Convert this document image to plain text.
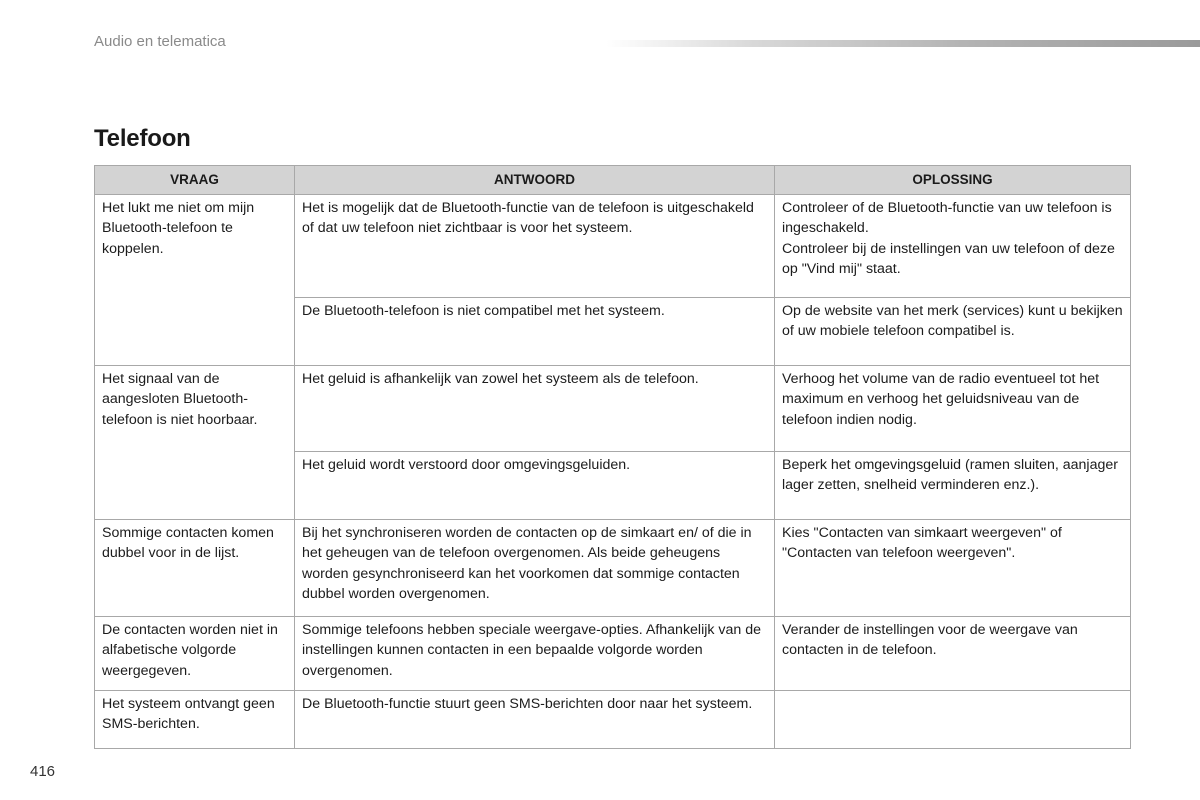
Audio en telematica
Telefoon
VRAAG	ANTWOORD	OPLOSSING
Het lukt me niet om mijn Bluetooth-telefoon te koppelen.	Het is mogelijk dat de Bluetooth-functie van de telefoon is uitgeschakeld of dat uw telefoon niet zichtbaar is voor het systeem.	Controleer of de Bluetooth-functie van uw telefoon is ingeschakeld.
Controleer bij de instellingen van uw telefoon of deze op "Vind mij" staat.

	De Bluetooth-telefoon is niet compatibel met het systeem.	Op de website van het merk (services) kunt u bekijken of uw mobiele telefoon compatibel is.
Het signaal van de aangesloten Bluetooth-telefoon is niet hoorbaar.	Het geluid is afhankelijk van zowel het systeem als de telefoon.	Verhoog het volume van de radio eventueel tot het maximum en verhoog het geluidsniveau van de telefoon indien nodig.
	Het geluid wordt verstoord door omgevingsgeluiden.	Beperk het omgevingsgeluid (ramen sluiten, aanjager lager zetten, snelheid verminderen enz.).
Sommige contacten komen dubbel voor in de lijst.	Bij het synchroniseren worden de contacten op de simkaart en/ of die in het geheugen van de telefoon overgenomen. Als beide geheugens worden gesynchroniseerd kan het voorkomen dat sommige contacten dubbel worden overgenomen.	Kies "Contacten van simkaart weergeven" of "Contacten van telefoon weergeven".
De contacten worden niet in alfabetische volgorde weergegeven.	Sommige telefoons hebben speciale weergave-opties. Afhankelijk van de instellingen kunnen contacten in een bepaalde volgorde worden overgenomen.	Verander de instellingen voor de weergave van contacten in de telefoon.
Het systeem ontvangt geen SMS-berichten.	De Bluetooth-functie stuurt geen SMS-berichten door naar het systeem.	
416
